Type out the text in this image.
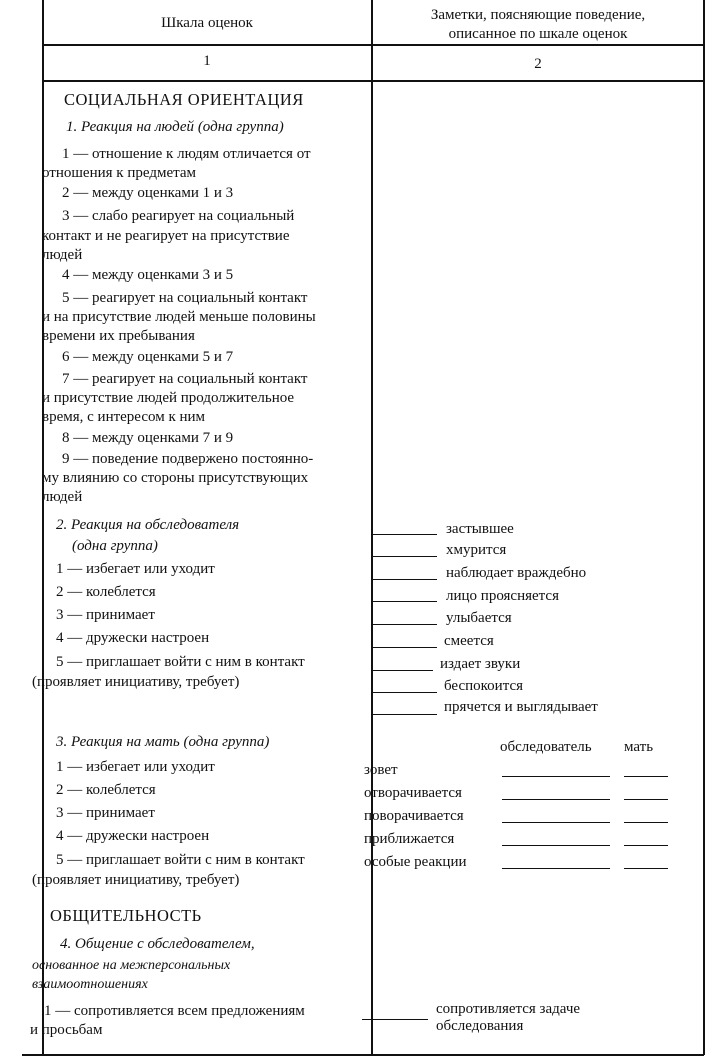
Шкала оценок	Заметки, поясняющие поведение,
описанное по шкале оценок
1	2
СОЦИАЛЬНАЯ ОРИЕНТАЦИЯ
1. Реакция на людей (одна группа)
1 — отношение к людям отличается от
отношения к предметам
2 — между оценками 1 и 3
3 — слабо реагирует на социальный
контакт и не реагирует на присутствие
людей
4 — между оценками 3 и 5
5 — реагирует на социальный контакт
и на присутствие людей меньше половины
времени их пребывания
6 — между оценками 5 и 7
7 — реагирует на социальный контакт
и присутствие людей продолжительное
время, с интересом к ним
8 — между оценками 7 и 9
9 — поведение подвержено постоянно-
му влиянию со стороны присутствующих
людей
2. Реакция на обследователя
(одна группа)
1 — избегает или уходит
2 — колеблется
3 — принимает
4 — дружески настроен
5 — приглашает войти с ним в контакт
(проявляет инициативу, требует)
застывшее
хмурится
наблюдает враждебно
лицо проясняется
улыбается
смеется
издает звуки
беспокоится
прячется и выглядывает
3. Реакция на мать (одна группа)
1 — избегает или уходит
2 — колеблется
3 — принимает
4 — дружески настроен
5 — приглашает войти с ним в контакт
(проявляет инициативу, требует)
обследователь мать
зовет
отворачивается
поворачивается
приближается
особые реакции
ОБЩИТЕЛЬНОСТЬ
4. Общение с обследователем,
основанное на межперсональных
взаимоотношениях
1 — сопротивляется всем предложениям
и просьбам
сопротивляется задаче
обследования
